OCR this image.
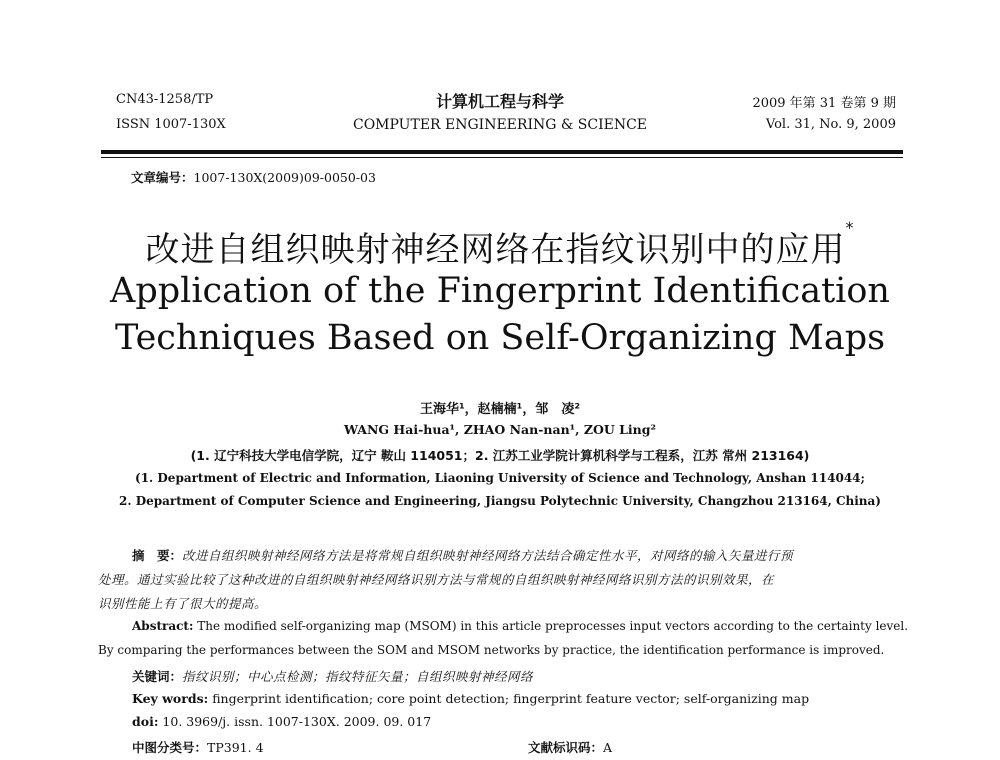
CN43-1258/TP
ISSN 1007-130X
计算机工程与科学
COMPUTER ENGINEERING & SCIENCE
2009 年第 31 卷第 9 期
Vol. 31, No. 9, 2009
文章编号：1007-130X(2009)09-0050-03
改进自组织映射神经网络在指纹识别中的应用*
Application of the Fingerprint Identification
Techniques Based on Self-Organizing Maps
王海华¹，赵楠楠¹，邹　凌²
WANG Hai-hua¹, ZHAO Nan-nan¹, ZOU Ling²
(1. 辽宁科技大学电信学院，辽宁 鞍山 114051；2. 江苏工业学院计算机科学与工程系，江苏 常州 213164)
(1. Department of Electric and Information, Liaoning University of Science and Technology, Anshan 114044;
2. Department of Computer Science and Engineering, Jiangsu Polytechnic University, Changzhou 213164, China)
摘　要：改进自组织映射神经网络方法是将常规自组织映射神经网络方法结合确定性水平，对网络的输入矢量进行预
处理。通过实验比较了这种改进的自组织映射神经网络识别方法与常规的自组织映射神经网络识别方法的识别效果，在
识别性能上有了很大的提高。
Abstract: The modified self-organizing map (MSOM) in this article preprocesses input vectors according to the certainty level.
By comparing the performances between the SOM and MSOM networks by practice, the identification performance is improved.
关键词：指纹识别；中心点检测；指纹特征矢量；自组织映射神经网络
Key words: fingerprint identification; core point detection; fingerprint feature vector; self-organizing map
doi: 10. 3969/j. issn. 1007-130X. 2009. 09. 017
中图分类号：TP391. 4	文献标识码：A
